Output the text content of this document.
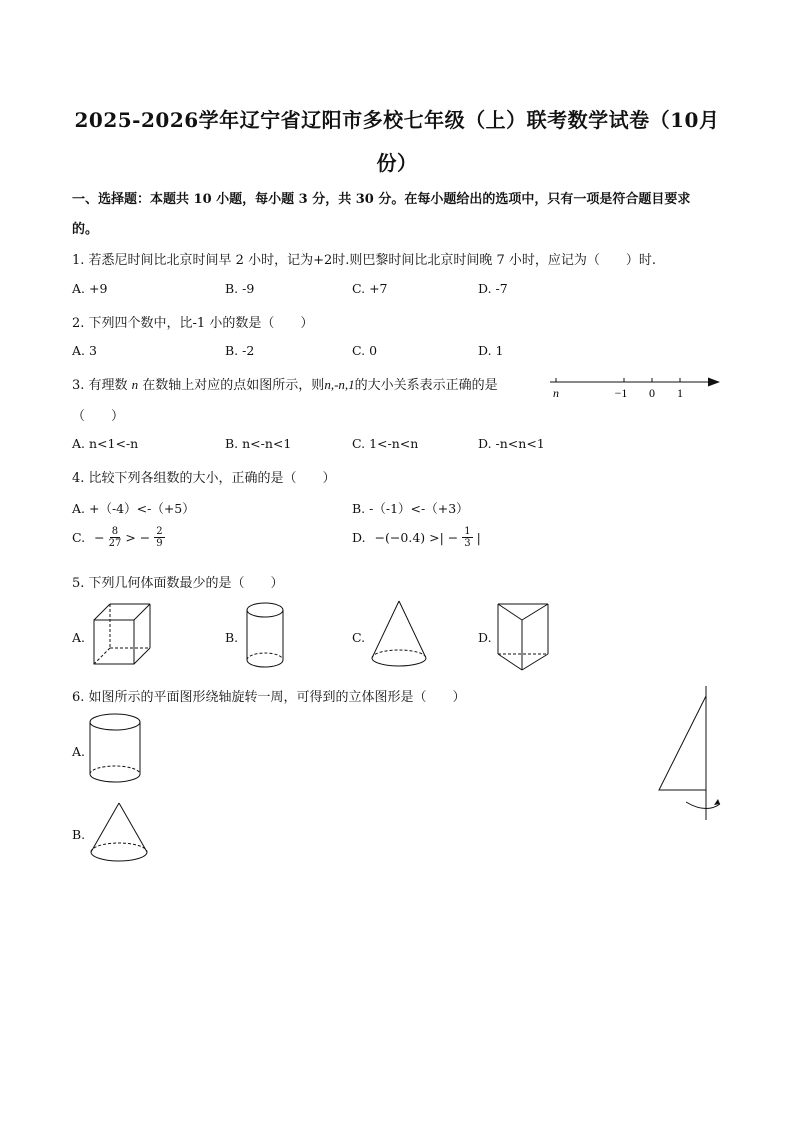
2025-2026学年辽宁省辽阳市多校七年级（上）联考数学试卷（10月
份）
一、选择题：本题共 10 小题，每小题 3 分，共 30 分。在每小题给出的选项中，只有一项是符合题目要求
的。
1. 若悉尼时间比北京时间早 2 小时，记为+2时.则巴黎时间比北京时间晚 7 小时，应记为（　　）时.
A. +9	B. -9	C. +7	D. -7
2. 下列四个数中，比-1 小的数是（　　）
A. 3	B. -2	C. 0	D. 1
3. 有理数 n 在数轴上对应的点如图所示，则n,-n,1的大小关系表示正确的是
（　　）
n	−1 0 1
A. n<1<-n	B. n<-n<1	C. 1<-n<n	D. -n<n<1
4. 比较下列各组数的大小，正确的是（　　）
A. +（-4）<-（+5）	B. -（-1）<-（+3）
C. − $\frac{8}{27}$ > − $\frac{2}{9}$	D. −(−0.4) >| − $\frac{1}{3}$ |
5. 下列几何体面数最少的是（　　）
A.	B.	C.	D.
6. 如图所示的平面图形绕轴旋转一周，可得到的立体图形是（　　）
A.
B.
